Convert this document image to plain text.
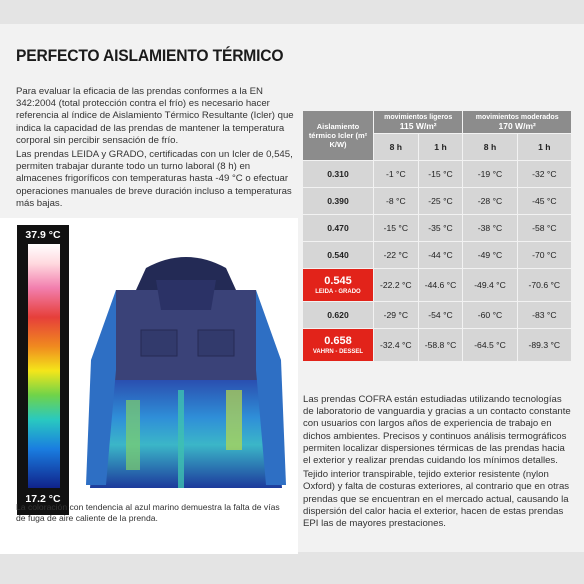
PERFECTO AISLAMIENTO TÉRMICO

Para evaluar la eficacia de las prendas conformes a la EN 342:2004 (total protección contra el frío) es necesario hacer referencia al índice de Aislamiento Térmico Resultante (Icler) que indica la capacidad de las prendas de mantener la temperatura corporal sin percibir sensación de frío.

Las prendas LEIDA y GRADO, certificadas con un Icler de 0,545, permiten trabajar durante todo un turno laboral (8 h) en almacenes frigoríficos con temperaturas hasta -49 °C o efectuar operaciones manuales de breve duración incluso a temperaturas más bajas.

37.9 °C
17.2 °C
La coloración con tendencia al azul marino demuestra la falta de vías de fuga de aire caliente de la prenda.
Aislamiento térmico Icler (m² K/W)	movimientos ligeros
115 W/m²		movimientos moderados
170 W/m²	
	8 h	1 h	8 h	1 h
0.310	-1 °C	-15 °C	-19 °C	-32 °C
0.390	-8 °C	-25 °C	-28 °C	-45 °C
0.470	-15 °C	-35 °C	-38 °C	-58 °C
0.540	-22 °C	-44 °C	-49 °C	-70 °C
0.545
LEIDA - GRADO	-22.2 °C	-44.6 °C	-49.4 °C	-70.6 °C
0.620	-29 °C	-54 °C	-60 °C	-83 °C
0.658
VAHRN - DESSEL	-32.4 °C	-58.8 °C	-64.5 °C	-89.3 °C

Las prendas COFRA están estudiadas utilizando tecnologías de laboratorio de vanguardia y gracias a un contacto constante con usuarios con largos años de experiencia de trabajo en dichos ambientes. Precisos y continuos análisis termográficos permiten localizar dispersiones térmicas de las prendas hacia el exterior y realizar prendas cuidando los mínimos detalles.

Tejido interior transpirable, tejido exterior resistente (nylon Oxford) y falta de costuras exteriores, al contrario que en otras prendas que se encuentran en el mercado actual, causando la dispersión del calor hacia el exterior, hacen de estas prendas EPI las de mayores prestaciones.
